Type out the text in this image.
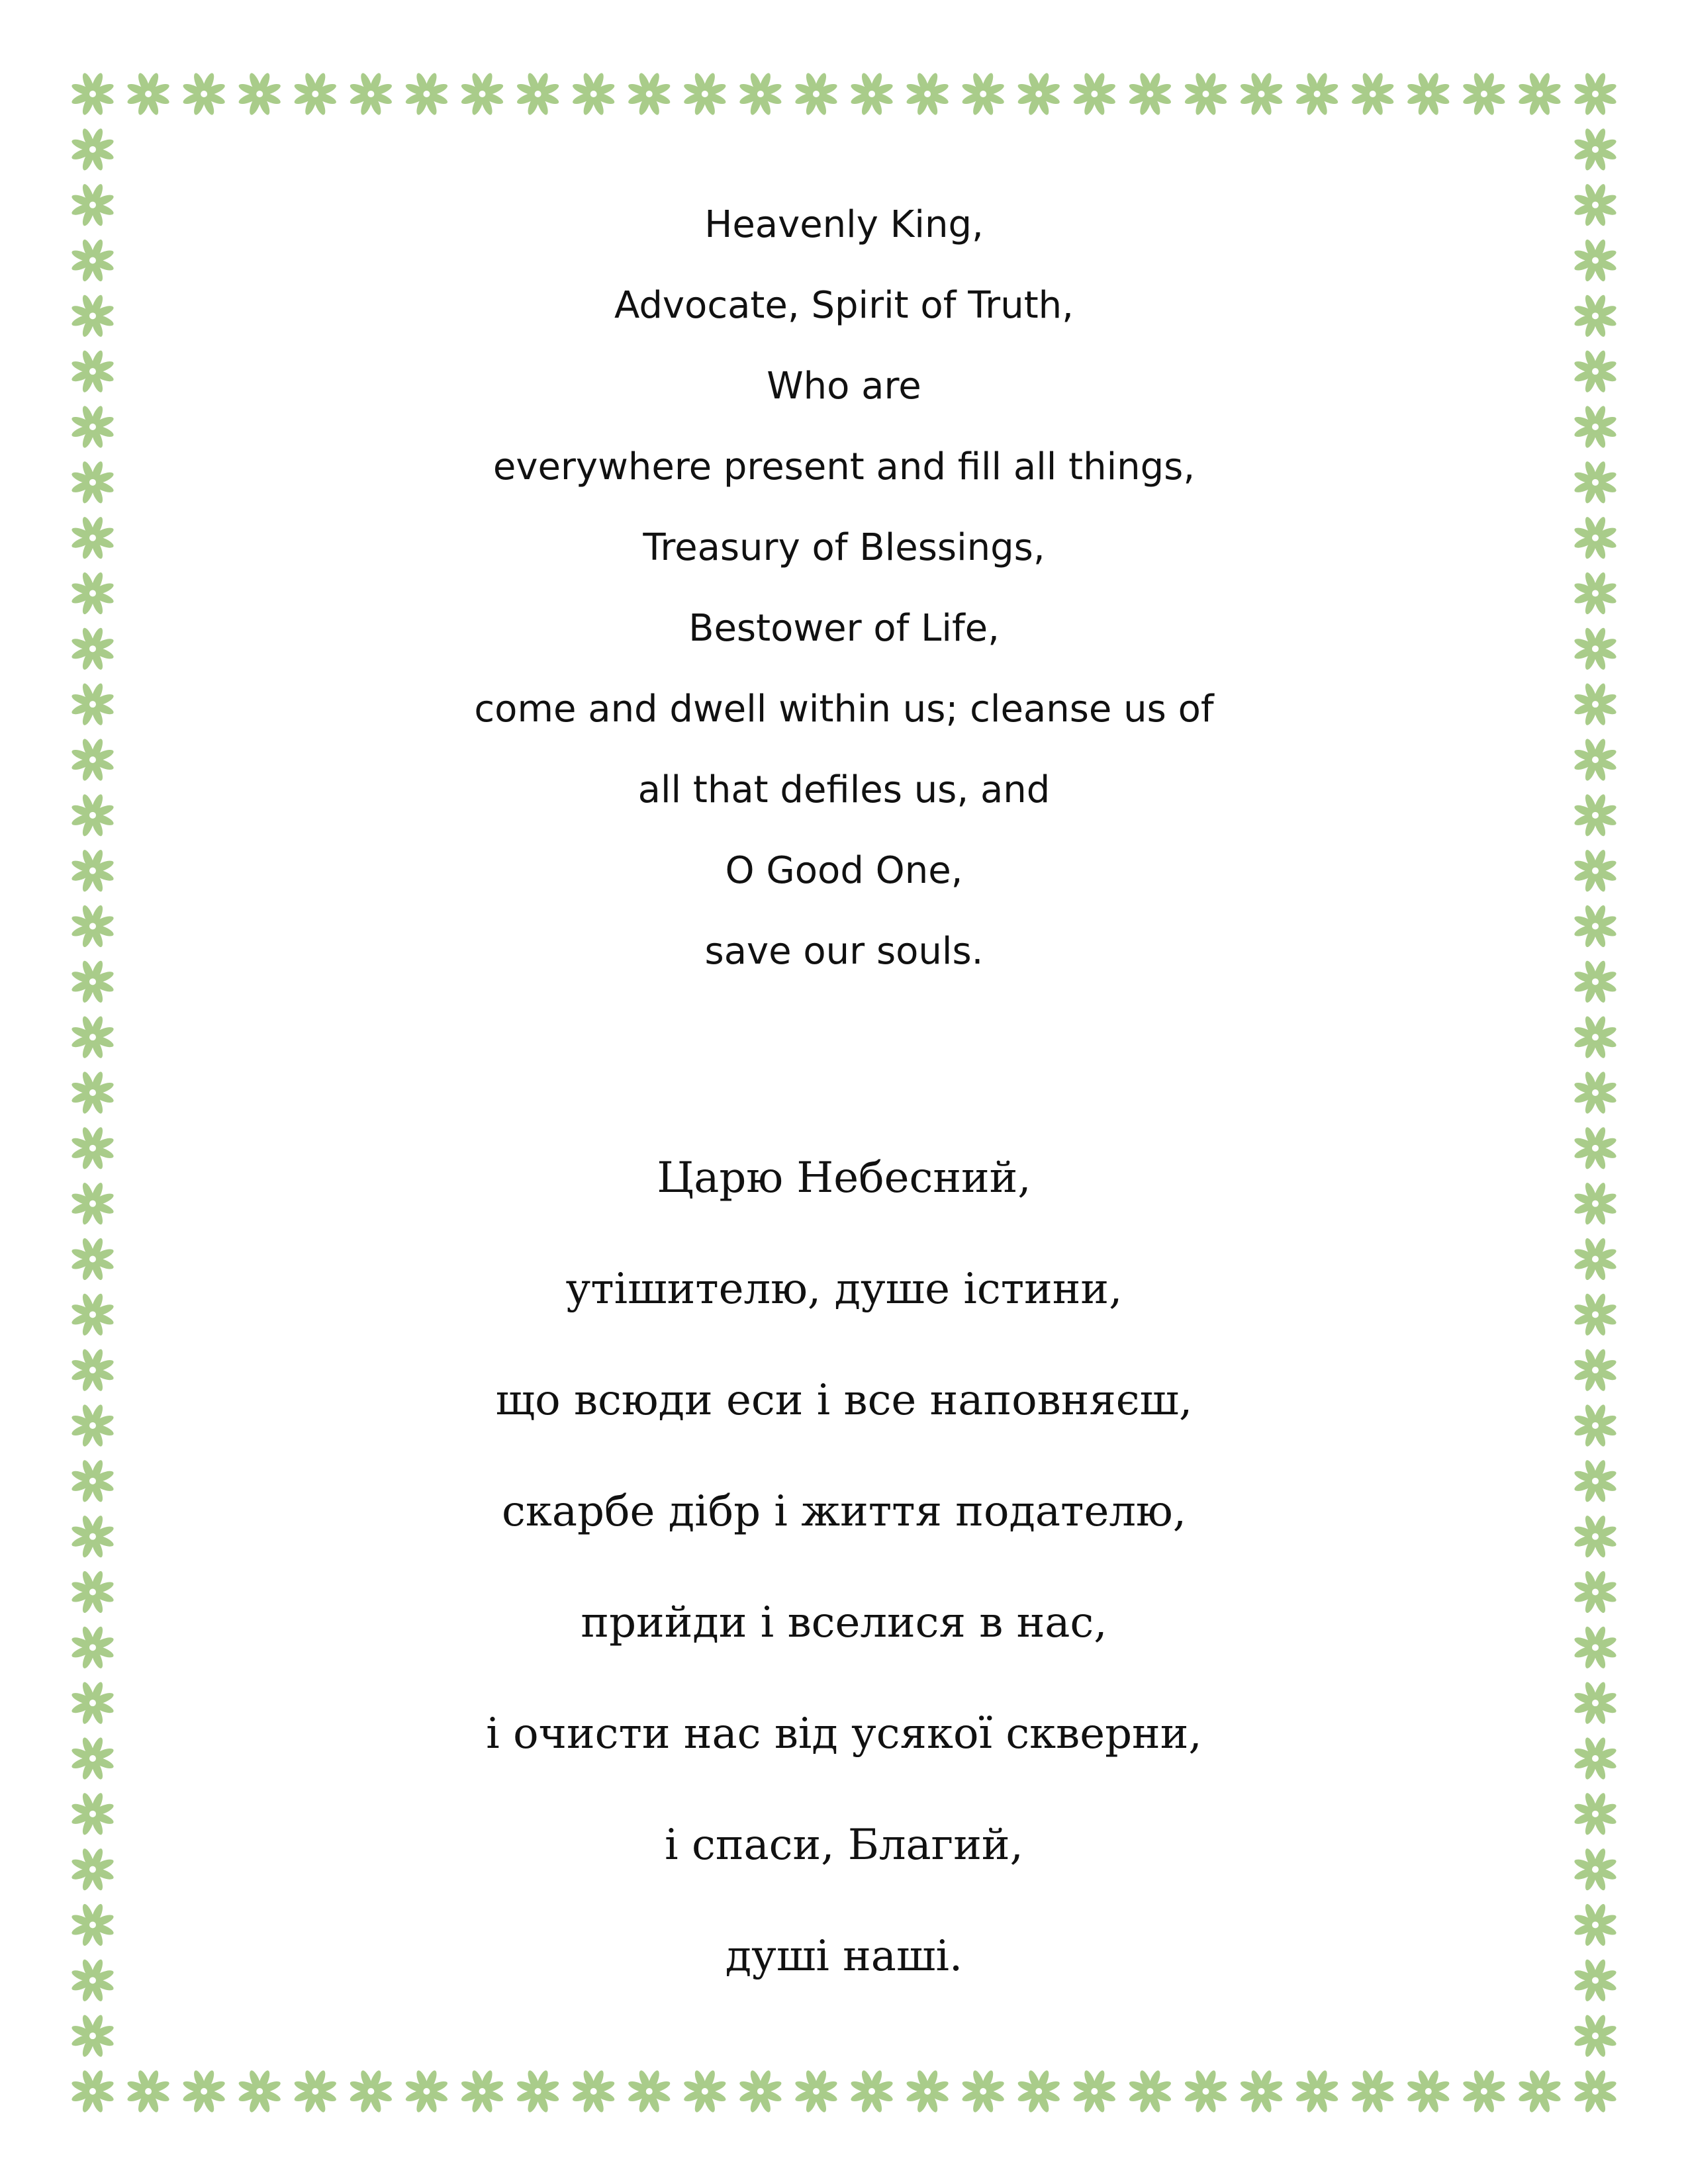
Heavenly King,
Advocate, Spirit of Truth,
Who are
everywhere present and fill all things,
Treasury of Blessings,
Bestower of Life,
come and dwell within us; cleanse us of
all that defiles us, and
O Good One,
save our souls.
Царю Небесний,
утішителю, душе істини,
що всюди еси і все наповняєш,
скарбе дібр і життя подателю,
прийди і вселися в нас,
і очисти нас від усякої скверни,
і спаси, Благий,
душі наші.
